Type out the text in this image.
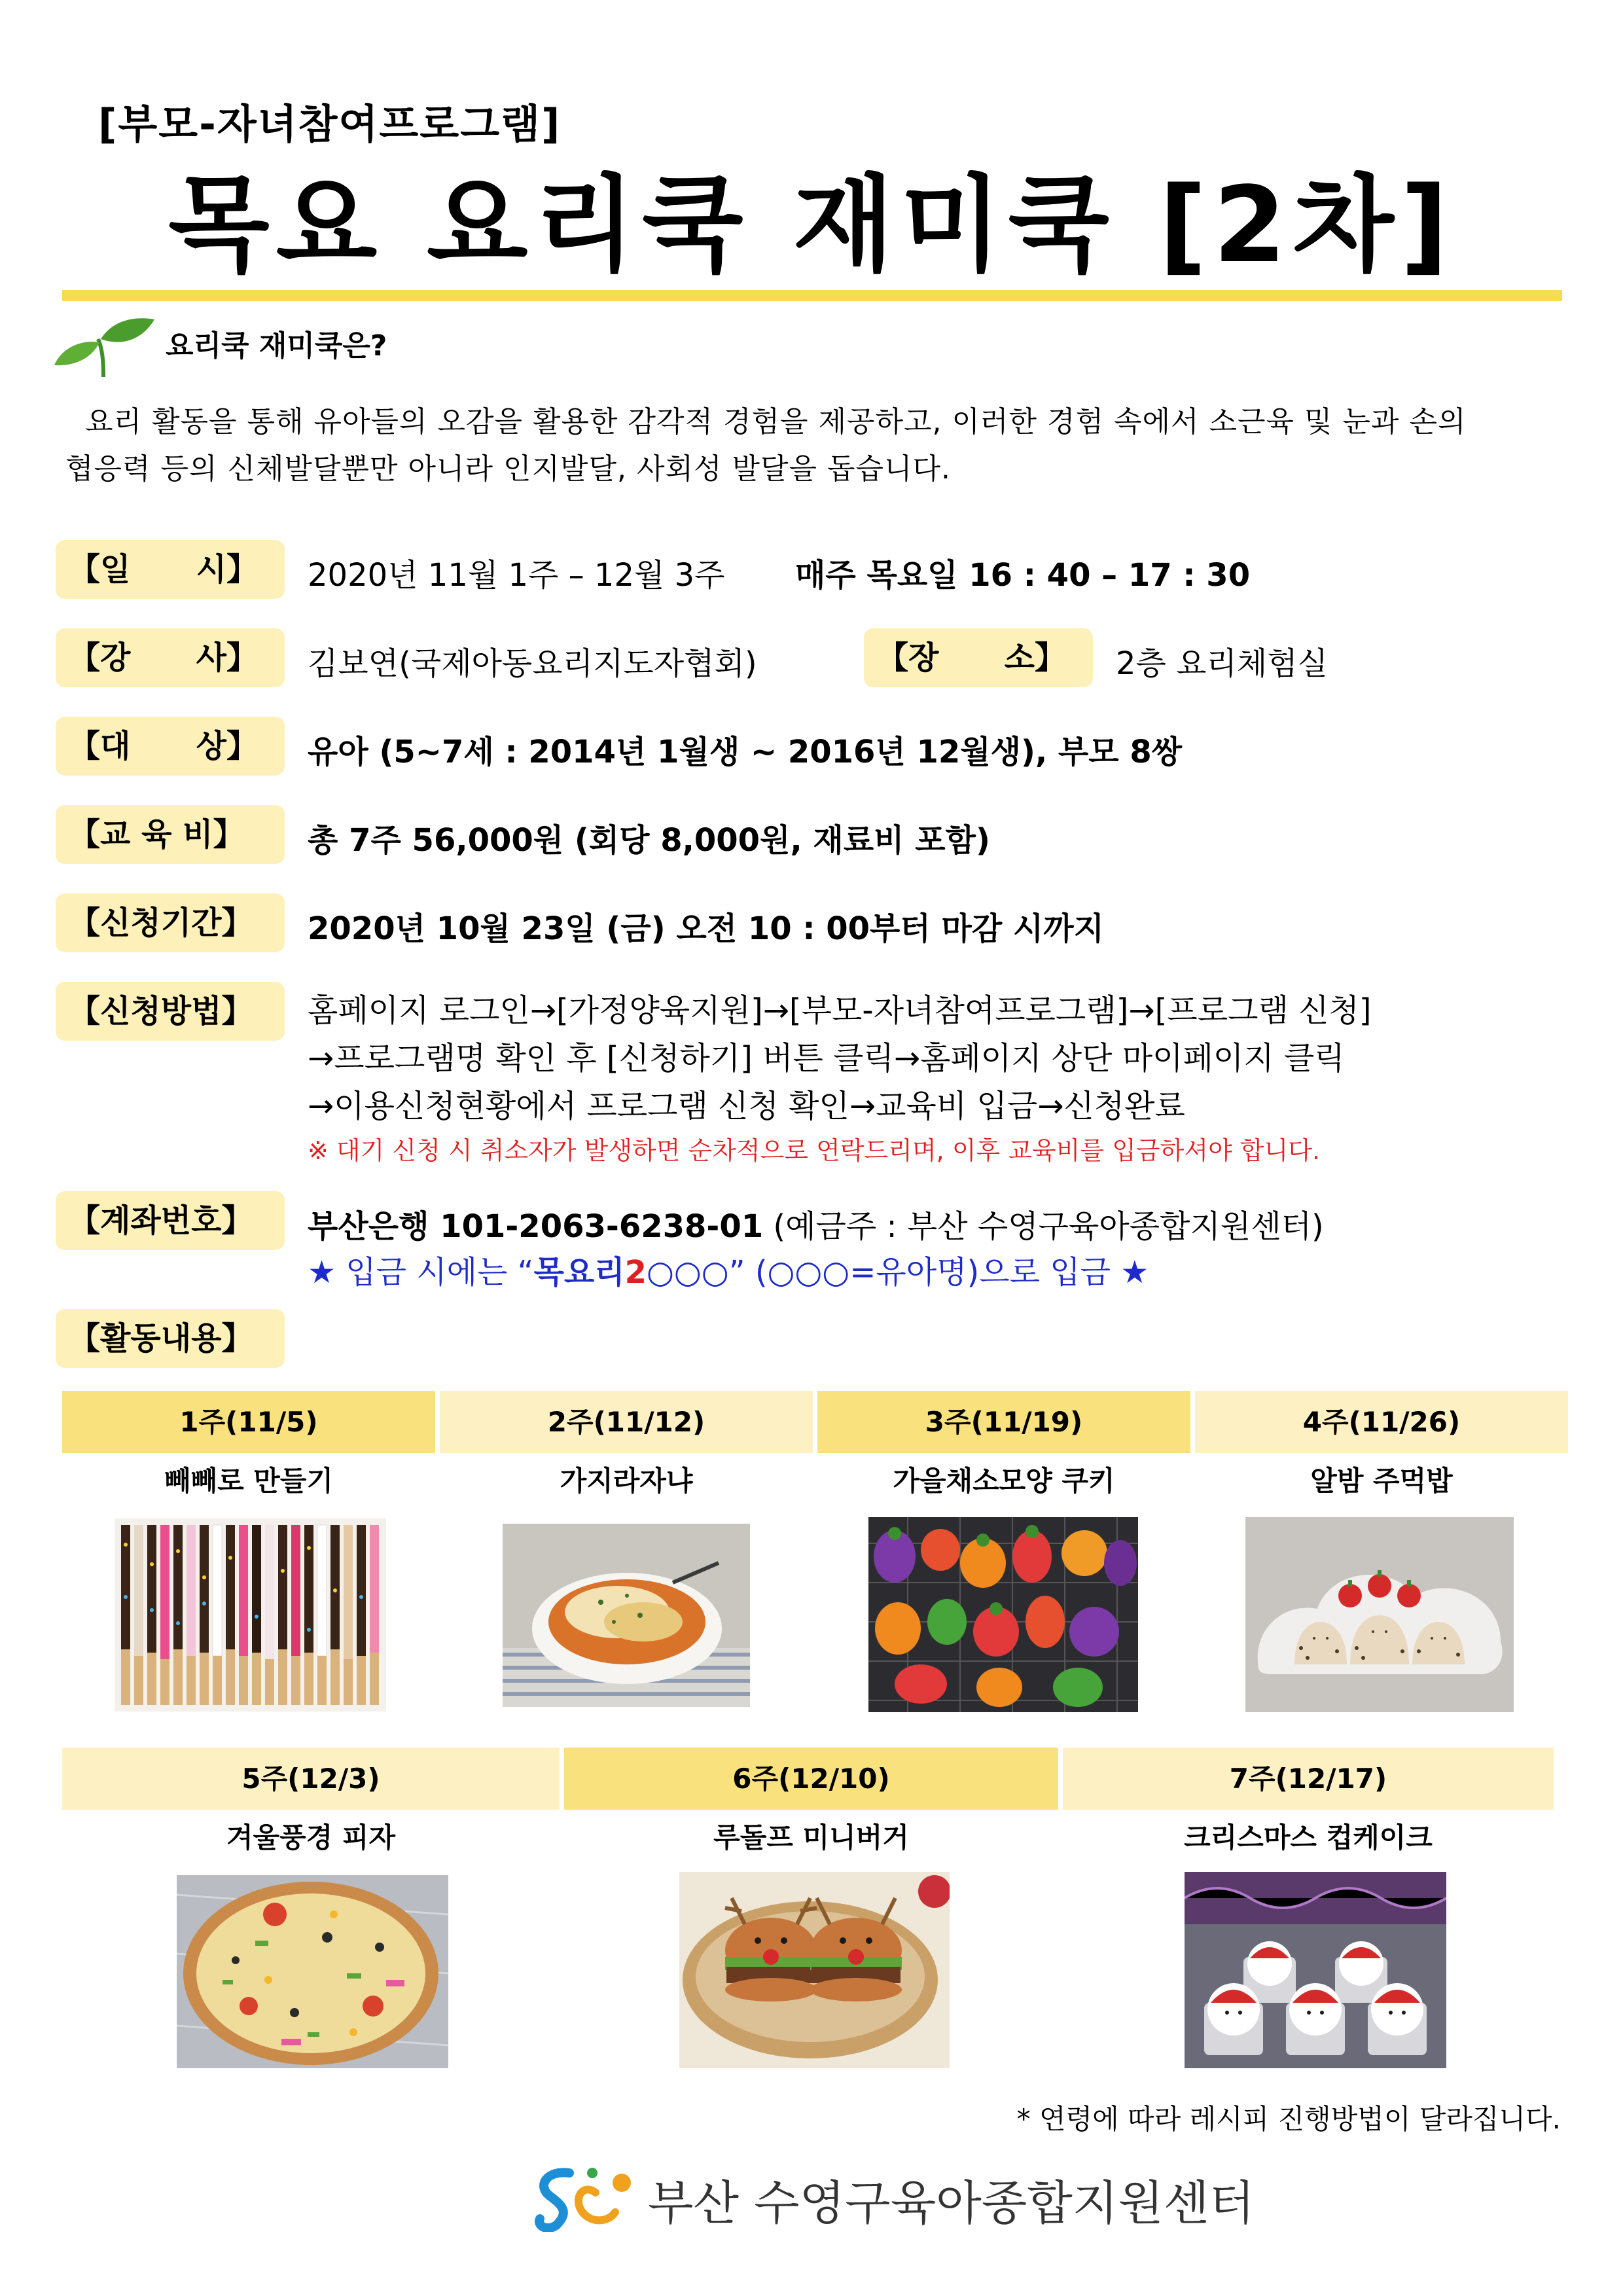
[부모-자녀참여프로그램]
목요 요리쿡 재미쿡 [2차]
요리쿡 재미쿡은?
요리 활동을 통해 유아들의 오감을 활용한 감각적 경험을 제공하고, 이러한 경험 속에서 소근육 및 눈과 손의
협응력 등의 신체발달뿐만 아니라 인지발달, 사회성 발달을 돕습니다.
【일      시】	2020년 11월 1주 – 12월 3주 매주 목요일 16 : 40 – 17 : 30
【강      사】	김보연(국제아동요리지도자협회)	【장      소】	2층 요리체험실
【대      상】	유아 (5~7세 : 2014년 1월생 ~ 2016년 12월생), 부모 8쌍
【교 육 비】	총 7주 56,000원 (회당 8,000원, 재료비 포함)
【신청기간】	2020년 10월 23일 (금) 오전 10 : 00부터 마감 시까지
【신청방법】	홈페이지 로그인→[가정양육지원]→[부모-자녀참여프로그램]→[프로그램 신청]
→프로그램명 확인 후 [신청하기] 버튼 클릭→홈페이지 상단 마이페이지 클릭
→이용신청현황에서 프로그램 신청 확인→교육비 입금→신청완료
※ 대기 신청 시 취소자가 발생하면 순차적으로 연락드리며, 이후 교육비를 입금하셔야 합니다.
【계좌번호】	부산은행 101-2063-6238-01 (예금주 : 부산 수영구육아종합지원센터)
★ 입금 시에는 “목요리2○○○” (○○○=유아명)으로 입금 ★
【활동내용】
1주(11/5)	2주(11/12)	3주(11/19)	4주(11/26)
빼빼로 만들기	가지라자냐	가을채소모양 쿠키	알밤 주먹밥
5주(12/3)	6주(12/10)	7주(12/17)
겨울풍경 피자	루돌프 미니버거	크리스마스 컵케이크
* 연령에 따라 레시피 진행방법이 달라집니다.
부산 수영구육아종합지원센터
